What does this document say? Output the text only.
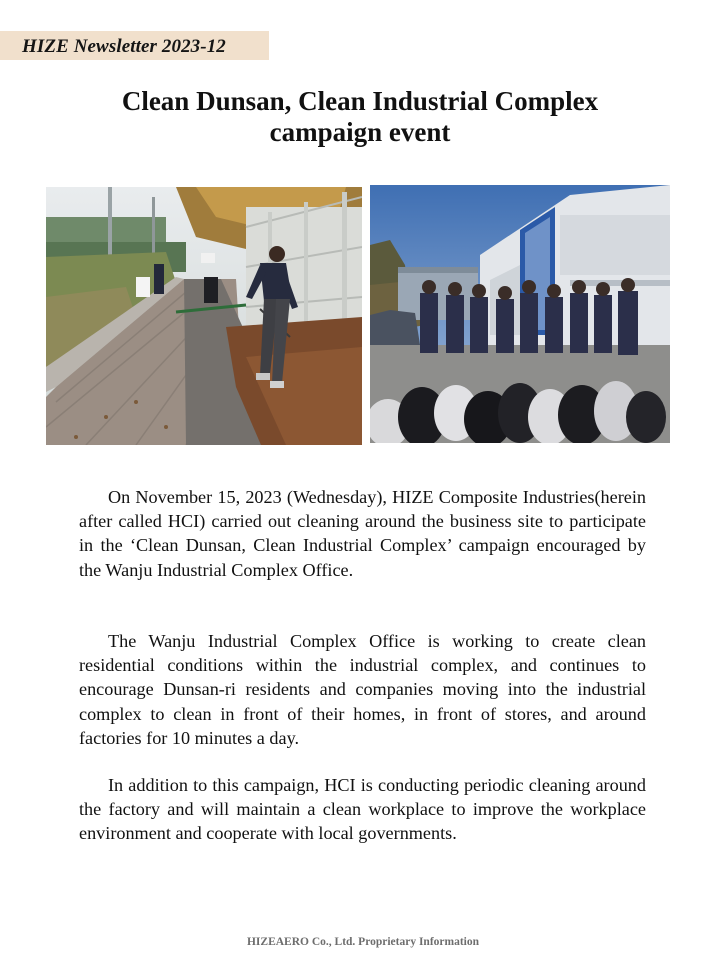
HIZE Newsletter 2023-12
Clean Dunsan, Clean Industrial Complex
campaign event

On November 15, 2023 (Wednesday), HIZE Composite Industries(herein after called HCI) carried out cleaning around the business site to participate in the ‘Clean Dunsan, Clean Industrial Complex’ campaign encouraged by the Wanju Industrial Complex Office.

The Wanju Industrial Complex Office is working to create clean residential conditions within the industrial complex, and continues to encourage Dunsan-ri residents and companies moving into the industrial complex to clean in front of their homes, in front of stores, and around factories for 10 minutes a day.

In addition to this campaign, HCI is conducting periodic cleaning around the factory and will maintain a clean workplace to improve the workplace environment and cooperate with local governments.

HIZEAERO Co., Ltd. Proprietary Information
